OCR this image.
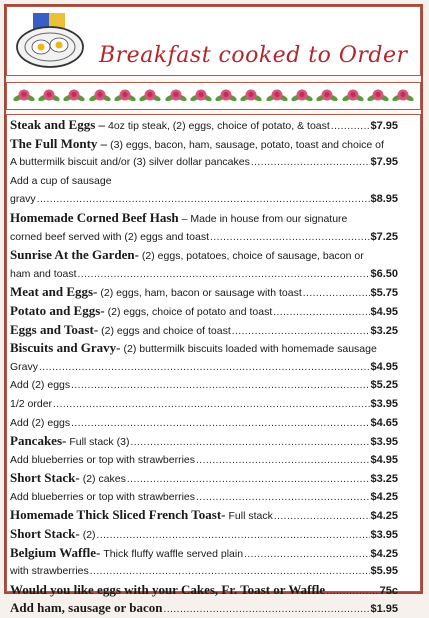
Breakfast cooked to Order
Steak and Eggs – 4oz tip steak, (2) eggs, choice of potato, & toast .....	$7.95
The Full Monty – (3) eggs, bacon, ham, sausage, potato, toast and choice of
A buttermilk biscuit and/or (3) silver dollar pancakes .....	$7.95
Add a cup of sausage
gravy .....	$8.95
Homemade Corned Beef Hash – Made in house from our signature
corned beef served with (2) eggs and toast .....	$7.25
Sunrise At the Garden- (2) eggs, potatoes, choice of sausage, bacon or
ham and toast .....	$6.50
Meat and Eggs- (2) eggs, ham, bacon or sausage with toast .....	$5.75
Potato and Eggs- (2) eggs, choice of potato and toast .....	$4.95
Eggs and Toast- (2) eggs and choice of toast .....	$3.25
Biscuits and Gravy- (2) buttermilk biscuits loaded with homemade sausage
Gravy .....	$4.95
Add (2) eggs .....	$5.25
1/2 order .....	$3.95
Add (2) eggs .....	$4.65
Pancakes- Full stack (3) .....	$3.95
Add blueberries or top with strawberries .....	$4.95
Short Stack- (2) cakes .....	$3.25
Add blueberries or top with strawberries .....	$4.25
Homemade Thick Sliced French Toast- Full stack .....	$4.25
Short Stack- (2) .....	$3.95
Belgium Waffle- Thick fluffy waffle served plain .....	$4.25
with strawberries .....	$5.95
Would you like eggs with your Cakes, Fr. Toast or Waffle .....	75c
Add ham, sausage or bacon .....	$1.95
